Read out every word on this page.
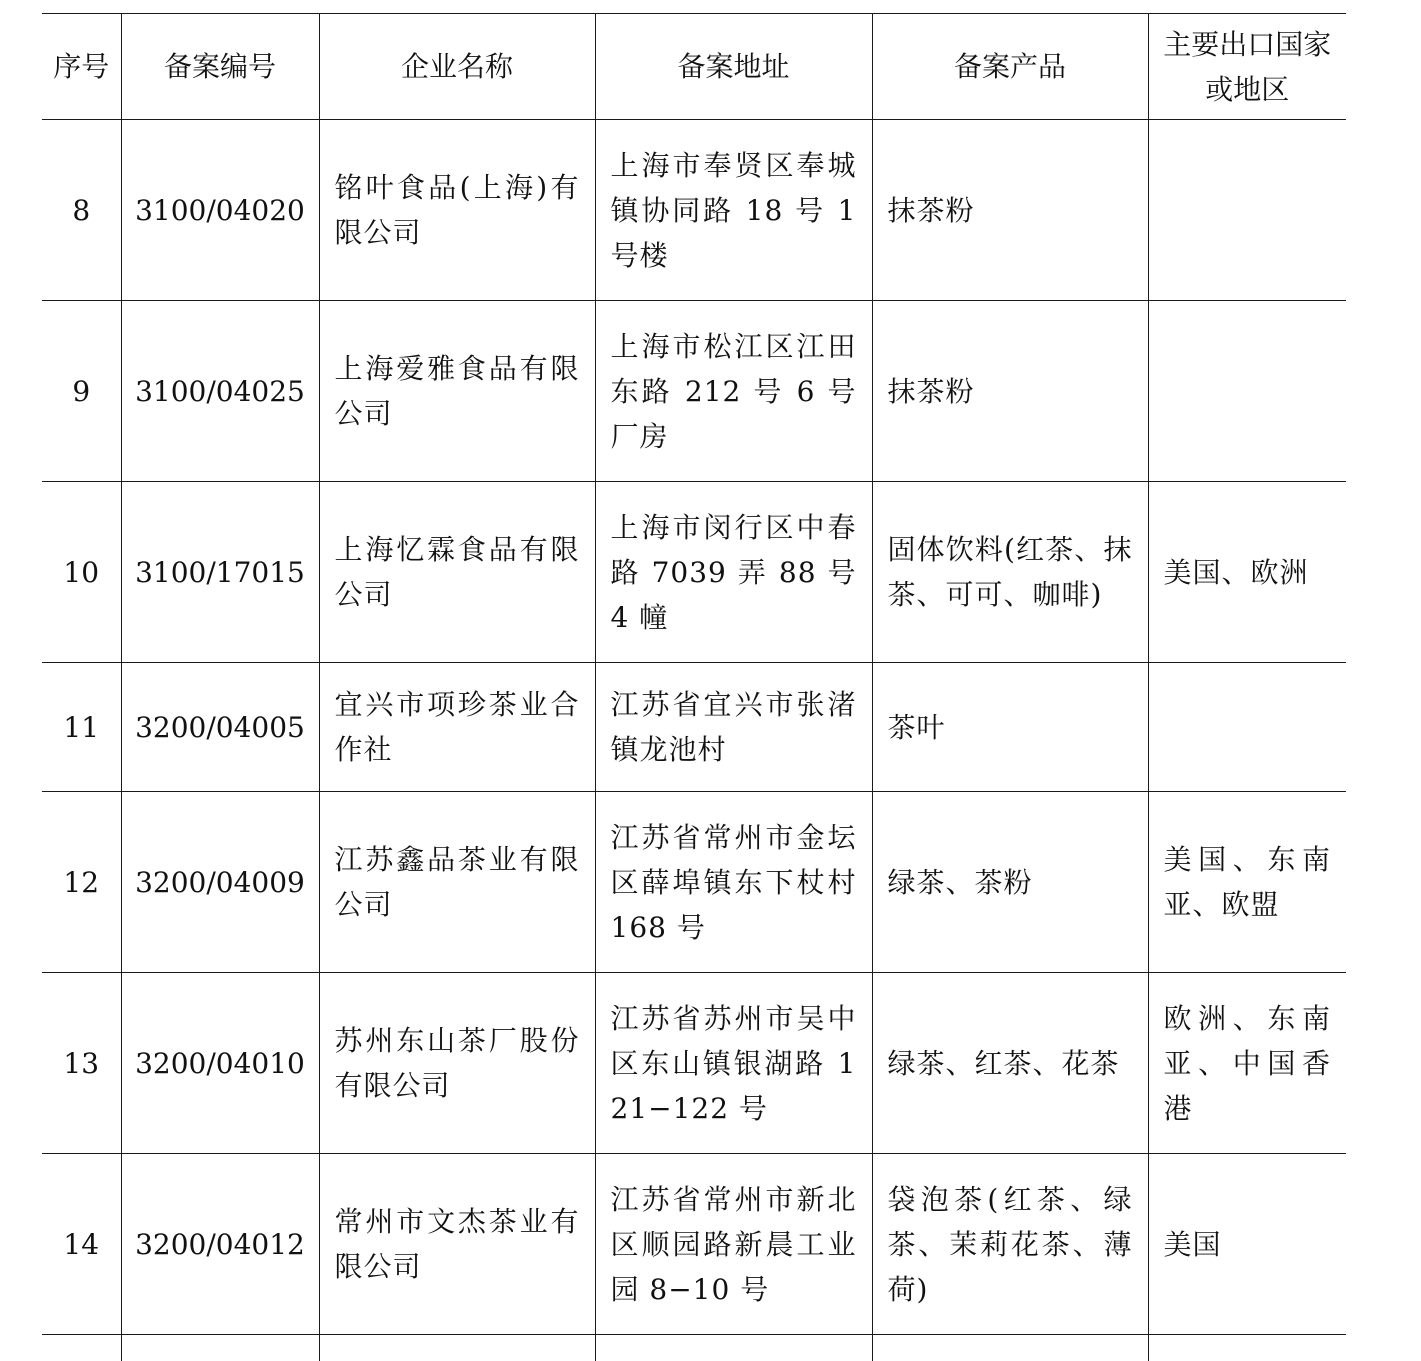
序号	备案编号	企业名称	备案地址	备案产品	主要出口国家或地区
8	3100/04020	铭叶食品(上海)有限公司	上海市奉贤区奉城镇协同路 18 号 1 号楼	抹茶粉	
9	3100/04025	上海爱雅食品有限公司	上海市松江区江田东路 212 号 6 号厂房	抹茶粉	
10	3100/17015	上海忆霖食品有限公司	上海市闵行区中春路 7039 弄 88 号 4 幢	固体饮料(红茶、抹茶、可可、咖啡)	美国、欧洲
11	3200/04005	宜兴市项珍茶业合作社	江苏省宜兴市张渚镇龙池村	茶叶	
12	3200/04009	江苏鑫品茶业有限公司	江苏省常州市金坛区薛埠镇东下杖村 168 号	绿茶、茶粉	美国、东南亚、欧盟
13	3200/04010	苏州东山茶厂股份有限公司	江苏省苏州市吴中区东山镇银湖路 121−122 号	绿茶、红茶、花茶	欧洲、东南亚、中国香港
14	3200/04012	常州市文杰茶业有限公司	江苏省常州市新北区顺园路新晨工业园 8−10 号	袋泡茶(红茶、绿茶、茉莉花茶、薄荷)	美国
